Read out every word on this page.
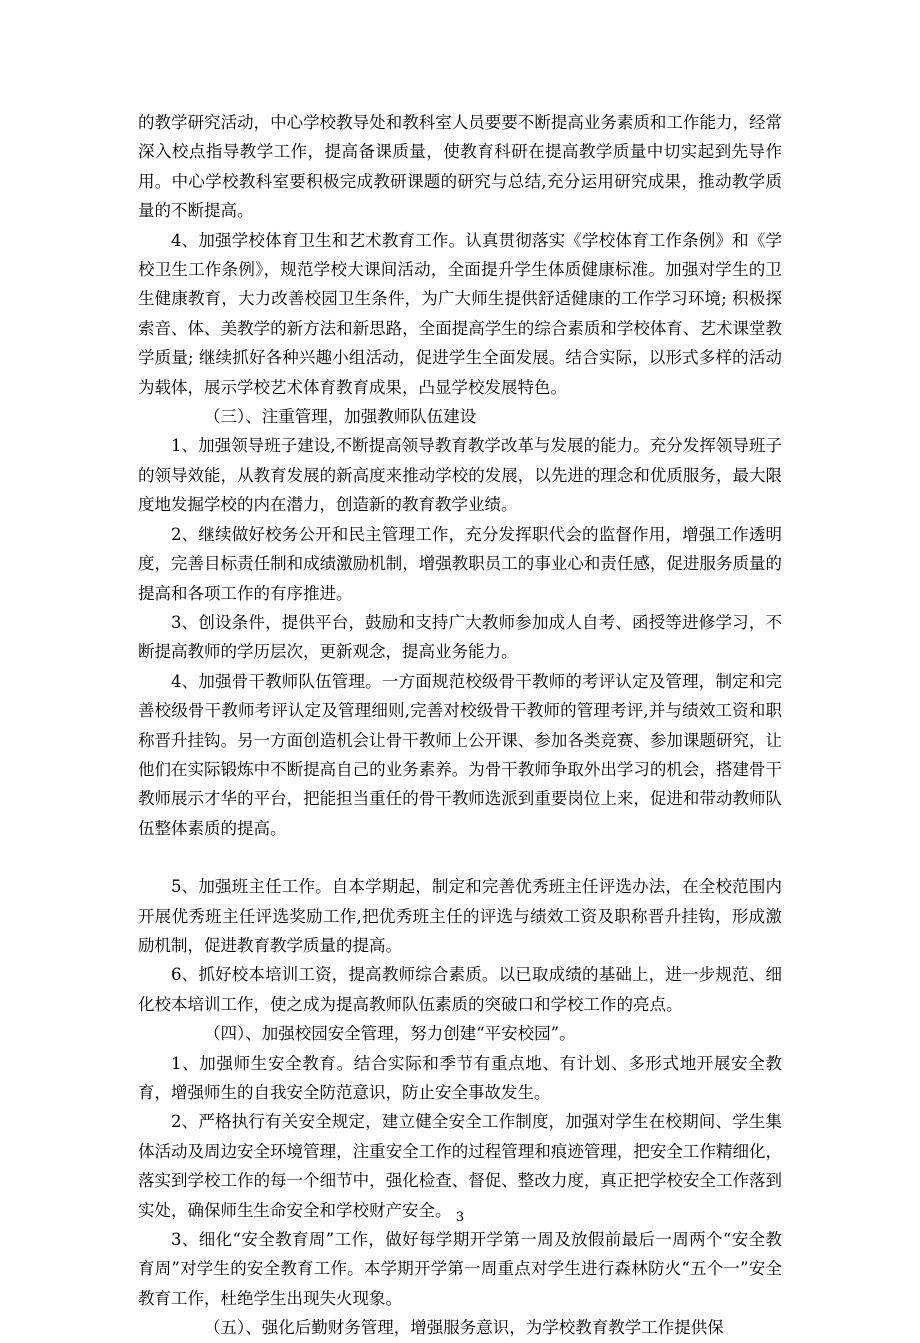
的教学研究活动，中心学校教导处和教科室人员要要不断提高业务素质和工作能力，经常深入校点指导教学工作，提高备课质量，使教育科研在提高教学质量中切实起到先导作用。中心学校教科室要积极完成教研课题的研究与总结,充分运用研究成果，推动教学质量的不断提高。

4、加强学校体育卫生和艺术教育工作。认真贯彻落实《学校体育工作条例》和《学校卫生工作条例》，规范学校大课间活动，全面提升学生体质健康标准。加强对学生的卫生健康教育，大力改善校园卫生条件，为广大师生提供舒适健康的工作学习环境; 积极探索音、体、美教学的新方法和新思路，全面提高学生的综合素质和学校体育、艺术课堂教学质量; 继续抓好各种兴趣小组活动，促进学生全面发展。结合实际，以形式多样的活动为载体，展示学校艺术体育教育成果，凸显学校发展特色。

（三）、注重管理，加强教师队伍建设

1、加强领导班子建设,不断提高领导教育教学改革与发展的能力。充分发挥领导班子的领导效能，从教育发展的新高度来推动学校的发展，以先进的理念和优质服务，最大限度地发掘学校的内在潜力，创造新的教育教学业绩。

2、继续做好校务公开和民主管理工作，充分发挥职代会的监督作用，增强工作透明度，完善目标责任制和成绩激励机制，增强教职员工的事业心和责任感，促进服务质量的提高和各项工作的有序推进。

3、创设条件，提供平台，鼓励和支持广大教师参加成人自考、函授等进修学习，不断提高教师的学历层次，更新观念，提高业务能力。

4、加强骨干教师队伍管理。一方面规范校级骨干教师的考评认定及管理，制定和完善校级骨干教师考评认定及管理细则,完善对校级骨干教师的管理考评,并与绩效工资和职称晋升挂钩。另一方面创造机会让骨干教师上公开课、参加各类竞赛、参加课题研究，让他们在实际锻炼中不断提高自己的业务素养。为骨干教师争取外出学习的机会，搭建骨干教师展示才华的平台，把能担当重任的骨干教师选派到重要岗位上来，促进和带动教师队伍整体素质的提高。

5、加强班主任工作。自本学期起，制定和完善优秀班主任评选办法，在全校范围内开展优秀班主任评选奖励工作,把优秀班主任的评选与绩效工资及职称晋升挂钩，形成激励机制，促进教育教学质量的提高。

6、抓好校本培训工资，提高教师综合素质。以已取成绩的基础上，进一步规范、细化校本培训工作，使之成为提高教师队伍素质的突破口和学校工作的亮点。

（四）、加强校园安全管理，努力创建“平安校园”。

1、加强师生安全教育。结合实际和季节有重点地、有计划、多形式地开展安全教育，增强师生的自我安全防范意识，防止安全事故发生。

2、严格执行有关安全规定，建立健全安全工作制度，加强对学生在校期间、学生集体活动及周边安全环境管理，注重安全工作的过程管理和痕迹管理，把安全工作精细化，落实到学校工作的每一个细节中，强化检查、督促、整改力度，真正把学校安全工作落到实处，确保师生生命安全和学校财产安全。

3、细化“安全教育周”工作，做好每学期开学第一周及放假前最后一周两个“安全教育周”对学生的安全教育工作。本学期开学第一周重点对学生进行森林防火“五个一”安全教育工作，杜绝学生出现失火现象。

（五）、强化后勤财务管理，增强服务意识，为学校教育教学工作提供保

3
